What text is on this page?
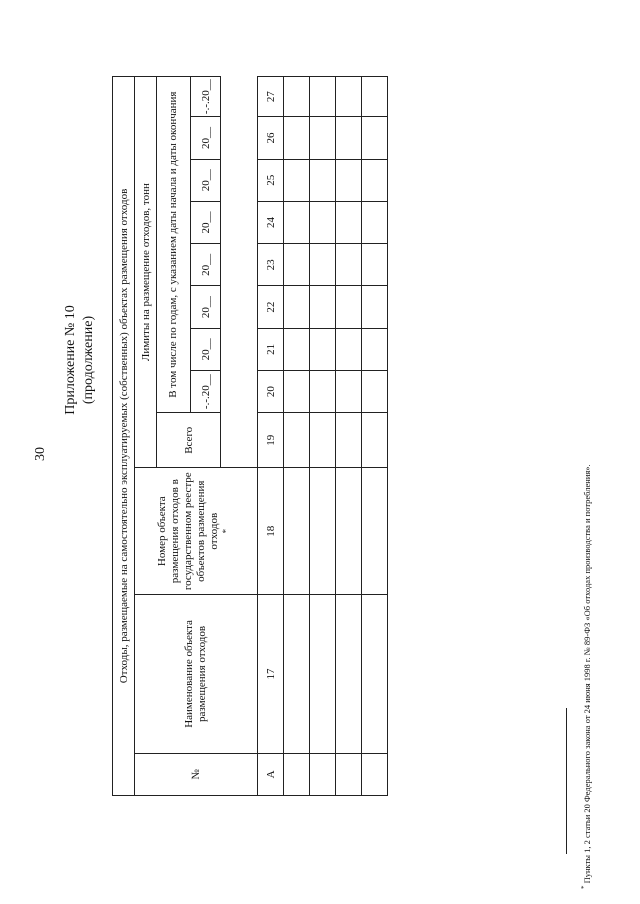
30
Приложение № 10 (продолжение) Отходы, размещаемые на самостоятельно эксплуатируемых (собственных) объектах размещения отходов											
№	Наименование объекта размещения отходов	Номер объекта размещения отходов в государственном реестре объектов размещения отходов *	Лимиты на размещение отходов, тонн								
			Всего	В том числе по годам, с указанием даты начала и даты окончания							

				-.-.20__	20__	20__	20__	20__	20__	20__	-.-.20__

А	17	18	19	20	21	22	23	24	25	26	27

* Пункты 1, 2 статьи 20 Федерального закона от 24 июня 1998 г. № 89-ФЗ «Об отходах производства и потребления».
